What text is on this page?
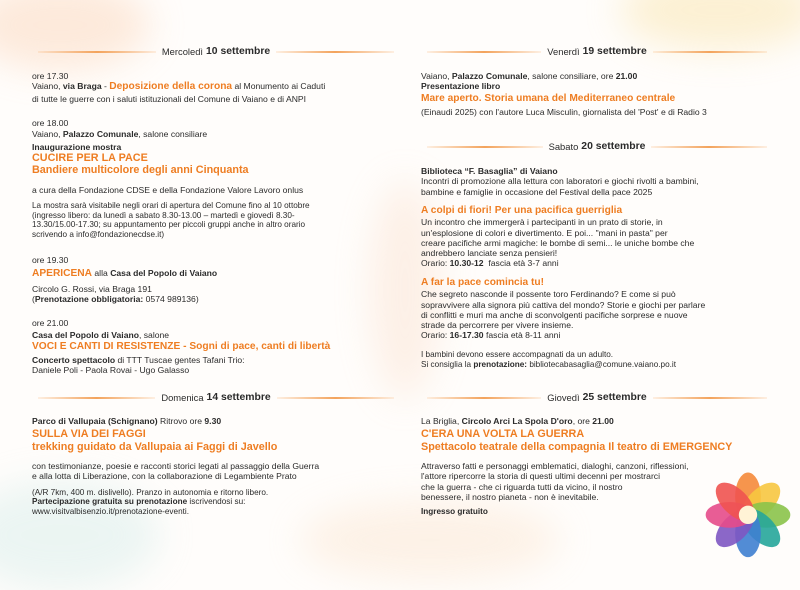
Mercoledì 10 settembre

ore 17.30

Vaiano, via Braga - Deposizione della corona al Monumento ai Caduti

di tutte le guerre con i saluti istituzionali del Comune di Vaiano e di ANPI

ore 18.00

Vaiano, Palazzo Comunale, salone consiliare

Inaugurazione mostra

CUCIRE PER LA PACE

Bandiere multicolore degli anni Cinquanta

a cura della Fondazione CDSE e della Fondazione Valore Lavoro onlus

La mostra sarà visitabile negli orari di apertura del Comune fino al 10 ottobre

(ingresso libero: da lunedì a sabato 8.30-13.00 – martedì e giovedì 8.30-

13.30/15.00-17.30; su appuntamento per piccoli gruppi anche in altro orario

scrivendo a info@fondazionecdse.it)

ore 19.30

APERICENA alla Casa del Popolo di Vaiano

Circolo G. Rossi, via Braga 191

(Prenotazione obbligatoria: 0574 989136)

ore 21.00

Casa del Popolo di Vaiano, salone

VOCI E CANTI DI RESISTENZE - Sogni di pace, canti di libertà

Concerto spettacolo di TTT Tuscae gentes Tafani Trio:

Daniele Poli - Paola Rovai - Ugo Galasso

Domenica 14 settembre

Parco di Vallupaia (Schignano) Ritrovo ore 9.30

SULLA VIA DEI FAGGI

trekking guidato da Vallupaia ai Faggi di Javello

con testimonianze, poesie e racconti storici legati al passaggio della Guerra

e alla lotta di Liberazione, con la collaborazione di Legambiente Prato

(A/R 7km, 400 m. dislivello). Pranzo in autonomia e ritorno libero.

Partecipazione gratuita su prenotazione iscrivendosi su:

www.visitvalbisenzio.it/prenotazione-eventi.

Venerdì 19 settembre

Vaiano, Palazzo Comunale, salone consiliare, ore 21.00

Presentazione libro

Mare aperto. Storia umana del Mediterraneo centrale

(Einaudi 2025) con l'autore Luca Misculin, giornalista del 'Post' e di Radio 3

Sabato 20 settembre

Biblioteca “F. Basaglia” di Vaiano

Incontri di promozione alla lettura con laboratori e giochi rivolti a bambini,

bambine e famiglie in occasione del Festival della pace 2025

A colpi di fiori! Per una pacifica guerriglia

Un incontro che immergerà i partecipanti in un prato di storie, in

un'esplosione di colori e divertimento. E poi... "mani in pasta" per

creare pacifiche armi magiche: le bombe di semi... le uniche bombe che

andrebbero lanciate senza pensieri!

Orario: 10.30-12 fascia età 3-7 anni

A far la pace comincia tu!

Che segreto nasconde il possente toro Ferdinando? E come si può

sopravvivere alla signora più cattiva del mondo? Storie e giochi per parlare

di conflitti e muri ma anche di sconvolgenti pacifiche sorprese e nuove

strade da percorrere per vivere insieme.

Orario: 16-17.30 fascia età 8-11 anni

I bambini devono essere accompagnati da un adulto.

Si consiglia la prenotazione: bibliotecabasaglia@comune.vaiano.po.it

Giovedì 25 settembre

La Briglia, Circolo Arci La Spola D'oro, ore 21.00

C'ERA UNA VOLTA LA GUERRA

Spettacolo teatrale della compagnia Il teatro di EMERGENCY

Attraverso fatti e personaggi emblematici, dialoghi, canzoni, riflessioni,

l'attore ripercorre la storia di questi ultimi decenni per mostrarci

che la guerra - che ci riguarda tutti da vicino, il nostro

benessere, il nostro pianeta - non è inevitabile.

Ingresso gratuito
